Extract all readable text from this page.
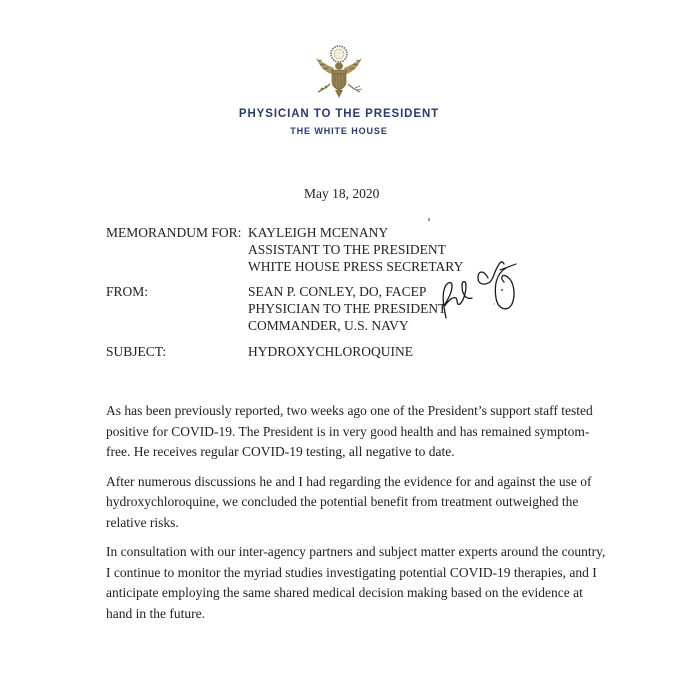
PHYSICIAN TO THE PRESIDENT
THE WHITE HOUSE
May 18, 2020
MEMORANDUM FOR: KAYLEIGH MCENANY
ASSISTANT TO THE PRESIDENT
WHITE HOUSE PRESS SECRETARY
FROM:	SEAN P. CONLEY, DO, FACEP
PHYSICIAN TO THE PRESIDENT
COMMANDER, U.S. NAVY
SUBJECT:	HYDROXYCHLOROQUINE

As has been previously reported, two weeks ago one of the President’s support staff tested positive for COVID-19. The President is in very good health and has remained symptom-free. He receives regular COVID-19 testing, all negative to date.

After numerous discussions he and I had regarding the evidence for and against the use of hydroxychloroquine, we concluded the potential benefit from treatment outweighed the relative risks.

In consultation with our inter-agency partners and subject matter experts around the country, I continue to monitor the myriad studies investigating potential COVID-19 therapies, and I anticipate employing the same shared medical decision making based on the evidence at hand in the future.
